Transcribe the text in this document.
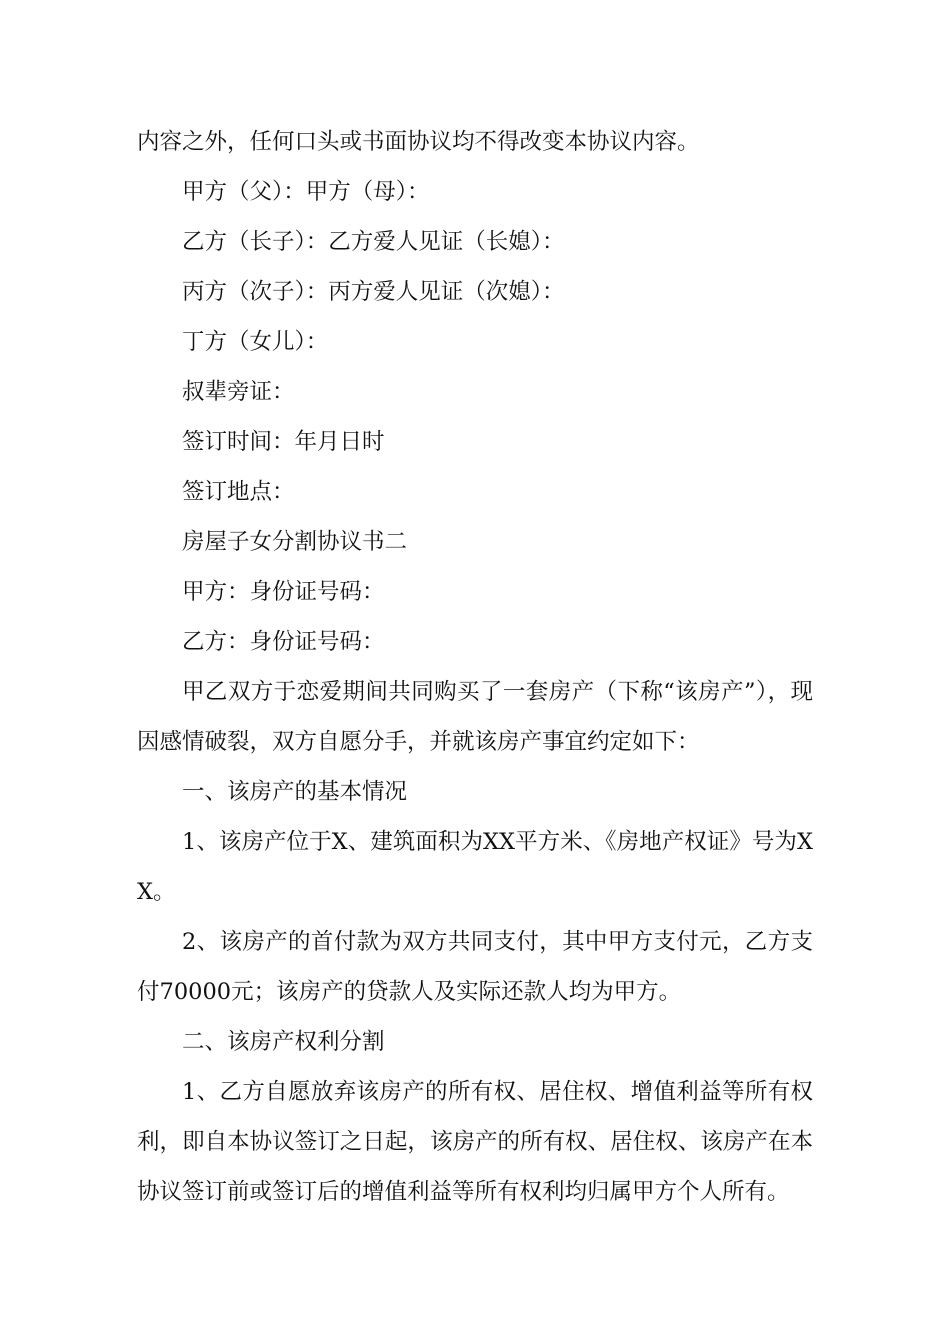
内容之外，任何口头或书面协议均不得改变本协议内容。

甲方（父）：甲方（母）：

乙方（长子）：乙方爱人见证（长媳）：

丙方（次子）：丙方爱人见证（次媳）：

丁方（女儿）：

叔辈旁证：

签订时间：年月日时

签订地点：

房屋子女分割协议书二

甲方：身份证号码：

乙方：身份证号码：

甲乙双方于恋爱期间共同购买了一套房产（下称“该房产”），现因感情破裂，双方自愿分手，并就该房产事宜约定如下：

一、该房产的基本情况

1、该房产位于X、建筑面积为XX平方米、《房地产权证》号为XX。

2、该房产的首付款为双方共同支付，其中甲方支付元，乙方支付70000元；该房产的贷款人及实际还款人均为甲方。

二、该房产权利分割

1、乙方自愿放弃该房产的所有权、居住权、增值利益等所有权利，即自本协议签订之日起，该房产的所有权、居住权、该房产在本协议签订前或签订后的增值利益等所有权利均归属甲方个人所有。
